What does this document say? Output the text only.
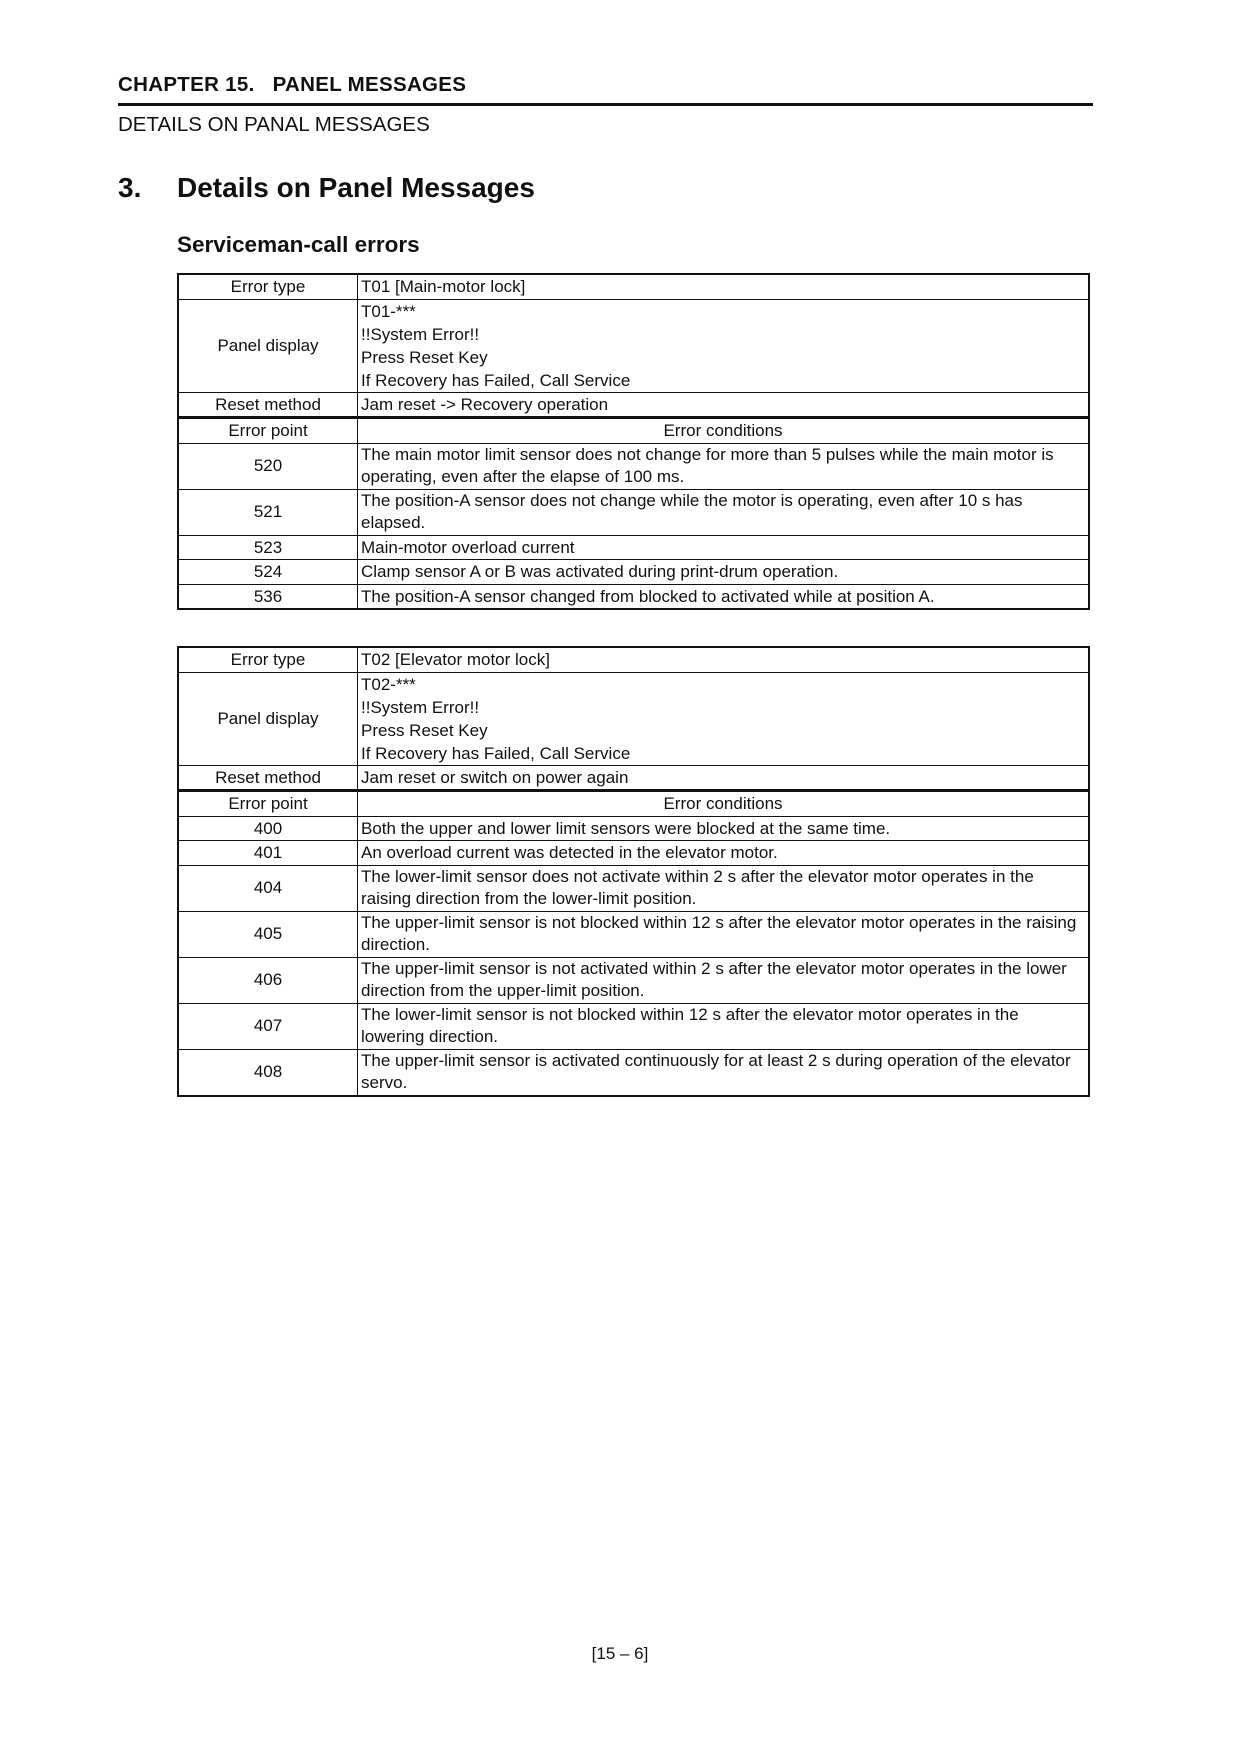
CHAPTER 15.   PANEL MESSAGES
DETAILS ON PANAL MESSAGES
3. Details on Panel Messages
Serviceman-call errors
Error type	T01 [Main-motor lock]
Panel display	T01-***
!!System Error!!
Press Reset Key
If Recovery has Failed, Call Service

Reset method	Jam reset -> Recovery operation
Error point	Error conditions
520	The main motor limit sensor does not change for more than 5 pulses while the main motor is operating, even after the elapse of 100 ms.
521	The position-A sensor does not change while the motor is operating, even after 10 s has elapsed.
523	Main-motor overload current
524	Clamp sensor A or B was activated during print-drum operation.
536	The position-A sensor changed from blocked to activated while at position A.
Error type	T02 [Elevator motor lock]
Panel display	T02-***
!!System Error!!
Press Reset Key
If Recovery has Failed, Call Service

Reset method	Jam reset or switch on power again
Error point	Error conditions
400	Both the upper and lower limit sensors were blocked at the same time.
401	An overload current was detected in the elevator motor.
404	The lower-limit sensor does not activate within 2 s after the elevator motor operates in the raising direction from the lower-limit position.
405	The upper-limit sensor is not blocked within 12 s after the elevator motor operates in the raising direction.
406	The upper-limit sensor is not activated within 2 s after the elevator motor operates in the lower direction from the upper-limit position.
407	The lower-limit sensor is not blocked within 12 s after the elevator motor operates in the lowering direction.
408	The upper-limit sensor is activated continuously for at least 2 s during operation of the elevator servo.
[15 – 6]
